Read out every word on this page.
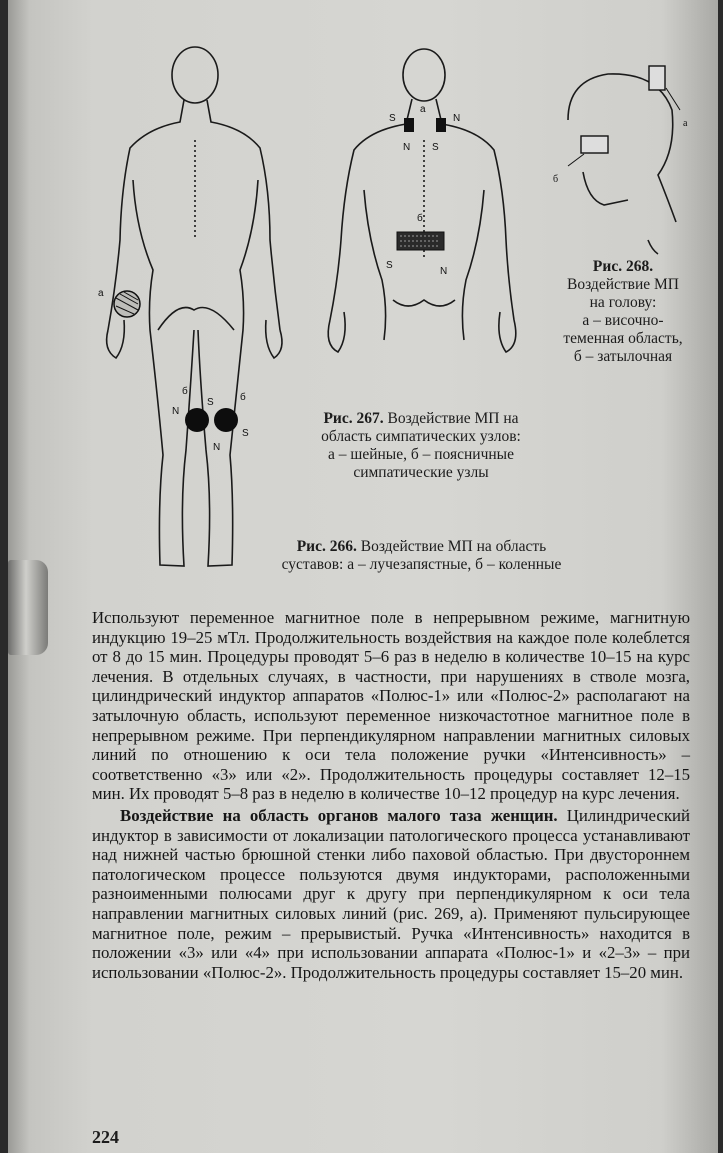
а
б
б
N
S
S
N
S
a
N
N S
б
S
N
а
б
Рис. 268.
Воздействие МП
на голову:
а – височно-
теменная область,
б – затылочная
Рис. 267. Воздействие МП на
область симпатических узлов:
а – шейные, б – поясничные
симпатические узлы
Рис. 266. Воздействие МП на область
суставов: а – лучезапястные, б – коленные

Используют переменное магнитное поле в непрерывном режиме, магнитную индукцию 19–25 мТл. Продолжительность воздействия на каждое поле колеблется от 8 до 15 мин. Процедуры проводят 5–6 раз в неделю в количестве 10–15 на курс лечения. В отдельных случаях, в частности, при нарушениях в стволе мозга, цилиндрический индуктор аппаратов «Полюс-1» или «Полюс-2» располагают на затылочную область, используют переменное низкочастотное магнитное поле в непрерывном режиме. При перпендикулярном направлении магнитных силовых линий по отношению к оси тела положение ручки «Интенсивность» – соответственно «3» или «2». Продолжительность процедуры составляет 12–15 мин. Их проводят 5–8 раз в неделю в количестве 10–12 процедур на курс лечения.

Воздействие на область органов малого таза женщин. Цилиндрический индуктор в зависимости от локализации патологического процесса устанавливают над нижней частью брюшной стенки либо паховой областью. При двустороннем патологическом процессе пользуются двумя индукторами, расположенными разноименными полюсами друг к другу при перпендикулярном к оси тела направлении магнитных силовых линий (рис. 269, а). Применяют пульсирующее магнитное поле, режим – прерывистый. Ручка «Интенсивность» находится в положении «3» или «4» при использовании аппарата «Полюс-1» и «2–3» – при использовании «Полюс-2». Продолжительность процедуры составляет 15–20 мин.

224
